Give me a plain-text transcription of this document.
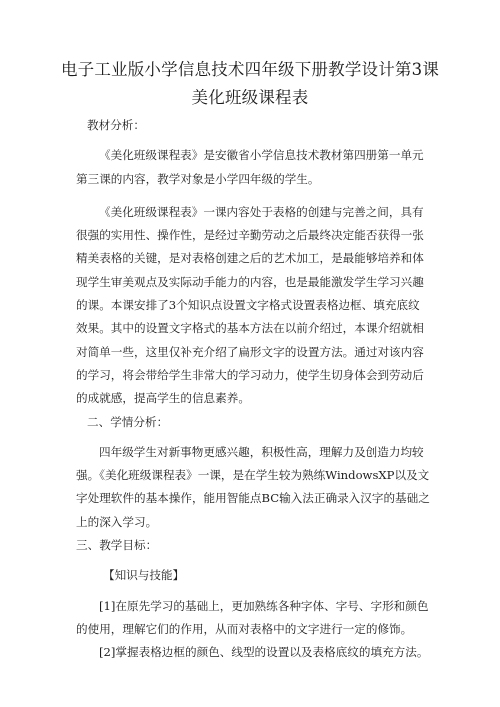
电子工业版小学信息技术四年级下册教学设计第3课
美化班级课程表

教材分析：

《美化班级课程表》是安徽省小学信息技术教材第四册第一单元第三课的内容，教学对象是小学四年级的学生。

《美化班级课程表》一课内容处于表格的创建与完善之间，具有很强的实用性、操作性，是经过辛勤劳动之后最终决定能否获得一张精美表格的关键，是对表格创建之后的艺术加工，是最能够培养和体现学生审美观点及实际动手能力的内容，也是最能激发学生学习兴趣的课。本课安排了3个知识点设置文字格式设置表格边框、填充底纹效果。其中的设置文字格式的基本方法在以前介绍过，本课介绍就相对简单一些，这里仅补充介绍了扁形文字的设置方法。通过对该内容的学习，将会带给学生非常大的学习动力，使学生切身体会到劳动后的成就感，提高学生的信息素养。

二、学情分析：

四年级学生对新事物更感兴趣，积极性高，理解力及创造力均较强。《美化班级课程表》一课，是在学生较为熟练WindowsXP以及文字处理软件的基本操作，能用智能点BC输入法正确录入汉字的基础之上的深入学习。

三、教学目标：

【知识与技能】

[1]在原先学习的基础上，更加熟练各种字体、字号、字形和颜色的使用，理解它们的作用，从而对表格中的文字进行一定的修饰。

[2]掌握表格边框的颜色、线型的设置以及表格底纹的填充方法。
